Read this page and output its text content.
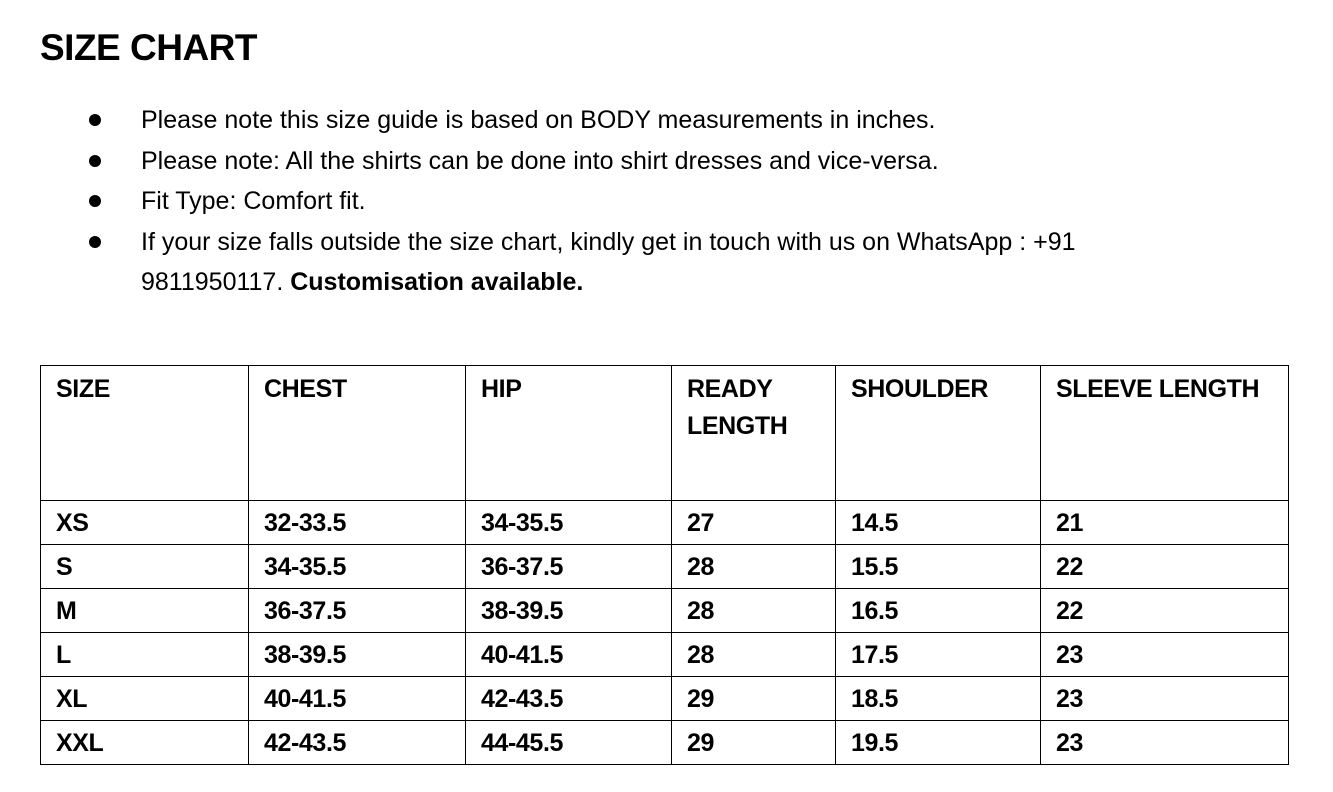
SIZE CHART
Please note this size guide is based on BODY measurements in inches.
Please note: All the shirts can be done into shirt dresses and vice-versa.
Fit Type: Comfort fit.
If your size falls outside the size chart, kindly get in touch with us on WhatsApp : +91 9811950117. Customisation available.
SIZE	CHEST	HIP	READY LENGTH	SHOULDER	SLEEVE LENGTH
XS	32-33.5	34-35.5	27	14.5	21
S	34-35.5	36-37.5	28	15.5	22
M	36-37.5	38-39.5	28	16.5	22
L	38-39.5	40-41.5	28	17.5	23
XL	40-41.5	42-43.5	29	18.5	23
XXL	42-43.5	44-45.5	29	19.5	23
